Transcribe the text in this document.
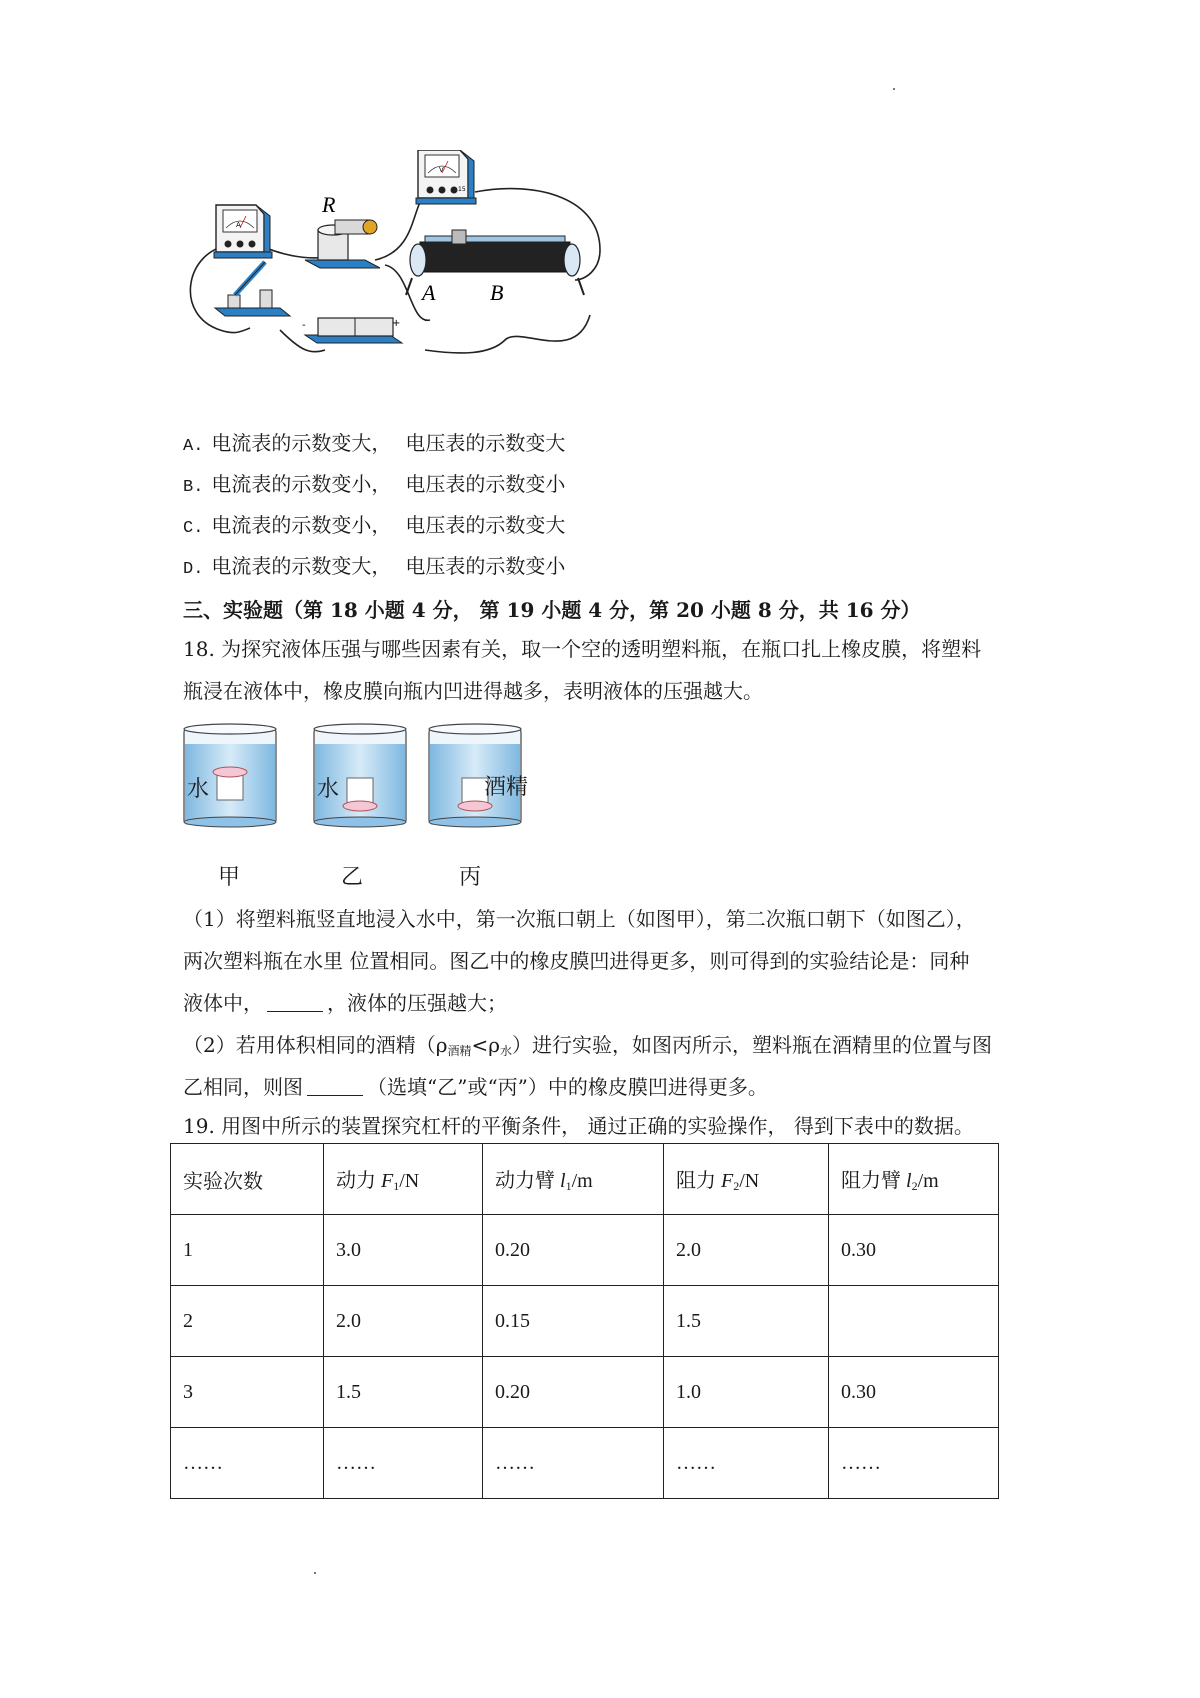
A
V
15
R
A B
-	+
A. 电流表的示数变大， 电压表的示数变大
B. 电流表的示数变小， 电压表的示数变小
C. 电流表的示数变小， 电压表的示数变大
D. 电流表的示数变大， 电压表的示数变小
三、实验题（第 18 小题 4 分， 第 19 小题 4 分，第 20 小题 8 分，共 16 分）
18. 为探究液体压强与哪些因素有关，取一个空的透明塑料瓶，在瓶口扎上橡皮膜，将塑料
瓶浸在液体中，橡皮膜向瓶内凹进得越多，表明液体的压强越大。
水	水	酒精
甲	乙	丙
（1）将塑料瓶竖直地浸入水中，第一次瓶口朝上（如图甲），第二次瓶口朝下（如图乙），
两次塑料瓶在水里 位置相同。图乙中的橡皮膜凹进得更多，则可得到的实验结论是：同种
液体中，	，液体的压强越大；
（2）若用体积相同的酒精$(\rho_{酒精}<\rho_水)$进行实验，如图丙所示，塑料瓶在酒精里的位置与图
乙相同，则图	（选填“乙”或“丙”）中的橡皮膜凹进得更多。
19. 用图中所示的装置探究杠杆的平衡条件， 通过正确的实验操作， 得到下表中的数据。
实验次数	动力 $F_1/N$	动力臂 $l_1/m$	阻力 $F_2/N$	阻力臂 $l_2/m$
1	3.0	0.20	2.0	0.30
2	2.0	0.15	1.5	
3	1.5	0.20	1.0	0.30
……	……	……	……	……
